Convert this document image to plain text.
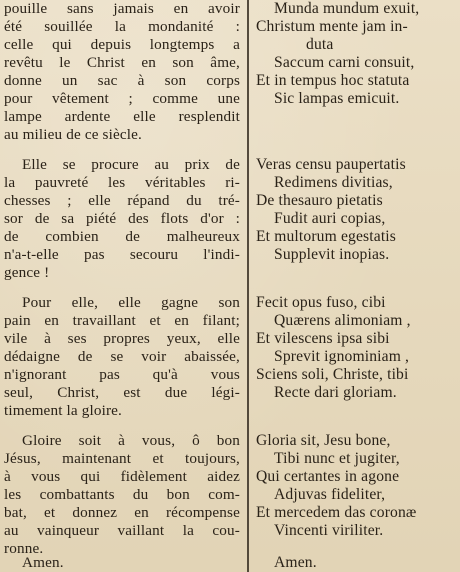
pouille sans jamais en avoir
été souillée la mondanité :
celle qui depuis longtemps a
revêtu le Christ en son âme,
donne un sac à son corps
pour vêtement ; comme une
lampe ardente elle resplendit
au milieu de ce siècle.
Elle se procure au prix de
la pauvreté les véritables ri-
chesses ; elle répand du tré-
sor de sa piété des flots d'or :
de combien de malheureux
n'a-t-elle pas secouru l'indi-
gence !
Pour elle, elle gagne son
pain en travaillant et en filant;
vile à ses propres yeux, elle
dédaigne de se voir abaissée,
n'ignorant pas qu'à vous
seul, Christ, est due légi-
timement la gloire.
Gloire soit à vous, ô bon
Jésus, maintenant et toujours,
à vous qui fidèlement aidez
les combattants du bon com-
bat, et donnez en récompense
au vainqueur vaillant la cou-
ronne.
Amen.
Munda mundum exuit,
Christum mente jam in-
duta
Saccum carni consuit,
Et in tempus hoc statuta
Sic lampas emicuit.
Veras censu paupertatis
Redimens divitias,
De thesauro pietatis
Fudit auri copias,
Et multorum egestatis
Supplevit inopias.
Fecit opus fuso, cibi
Quærens alimoniam ,
Et vilescens ipsa sibi
Sprevit ignominiam ,
Sciens soli, Christe, tibi
Recte dari gloriam.
Gloria sit, Jesu bone,
Tibi nunc et jugiter,
Qui certantes in agone
Adjuvas fideliter,
Et mercedem das coronæ
Vincenti viriliter.
Amen.
